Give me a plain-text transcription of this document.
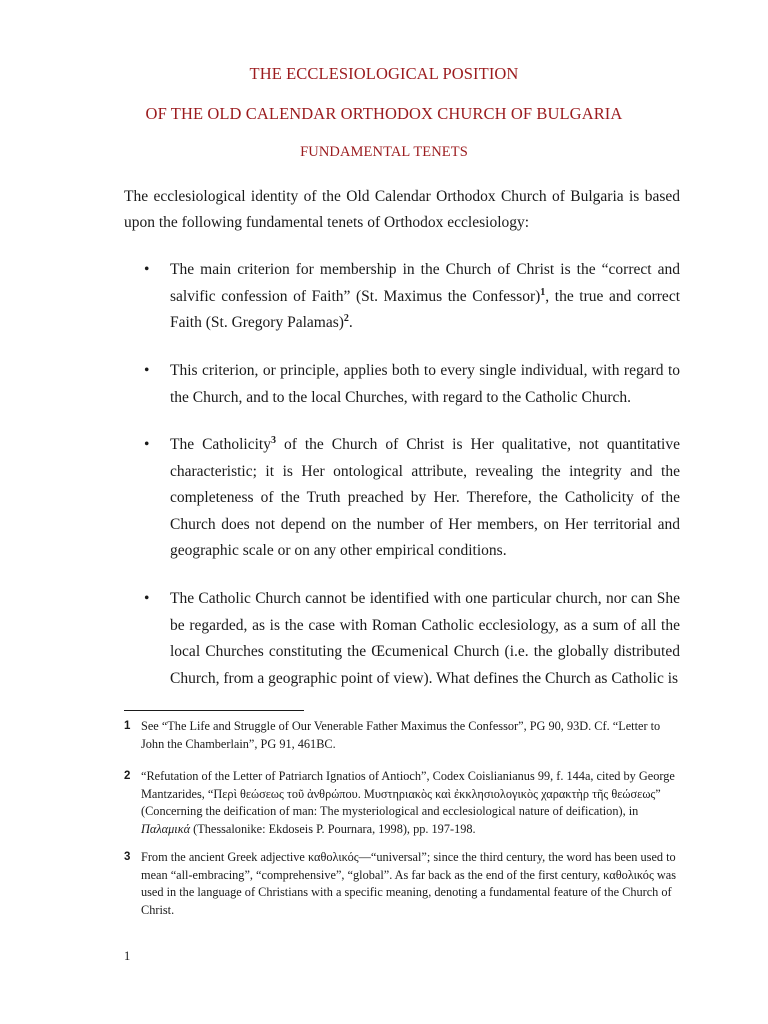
THE ECCLESIOLOGICAL POSITION
OF THE OLD CALENDAR ORTHODOX CHURCH OF BULGARIA
FUNDAMENTAL TENETS
The ecclesiological identity of the Old Calendar Orthodox Church of Bulgaria is based upon the following fundamental tenets of Orthodox ecclesiology:
• The main criterion for membership in the Church of Christ is the “correct and salvific confession of Faith” (St. Maximus the Confessor)$^1$, the true and correct Faith (St. Gregory Palamas)$^2$.
• This criterion, or principle, applies both to every single individual, with regard to the Church, and to the local Churches, with regard to the Catholic Church.
• The Catholicity$^3$ of the Church of Christ is Her qualitative, not quantitative characteristic; it is Her ontological attribute, revealing the integrity and the completeness of the Truth preached by Her. Therefore, the Catholicity of the Church does not depend on the number of Her members, on Her territorial and geographic scale or on any other empirical conditions.
• The Catholic Church cannot be identified with one particular church, nor can She be regarded, as is the case with Roman Catholic ecclesiology, as a sum of all the local Churches constituting the Œcumenical Church (i.e. the globally distributed Church, from a geographic point of view). What defines the Church as Catholic is
1 See “The Life and Struggle of Our Venerable Father Maximus the Confessor”, PG 90, 93D. Cf. “Letter to John the Chamberlain”, PG 91, 461BC.
2 “Refutation of the Letter of Patriarch Ignatios of Antioch”, Codex Coislianianus 99, f. 144a, cited by George Mantzarides, “Περὶ θεώσεως τοῦ ἀνθρώπου. Μυστηριακὸς καὶ ἐκκλησιολογικὸς χαρακτὴρ τῆς θεώσεως” (Concerning the deification of man: The mysteriological and ecclesiological nature of deification), in Παλαμικά (Thessalonike: Ekdoseis P. Pournara, 1998), pp. 197-198.
3 From the ancient Greek adjective καθολικός—“universal”; since the third century, the word has been used to mean “all-embracing”, “comprehensive”, “global”. As far back as the end of the first century, καθολικός was used in the language of Christians with a specific meaning, denoting a fundamental feature of the Church of Christ.
1
